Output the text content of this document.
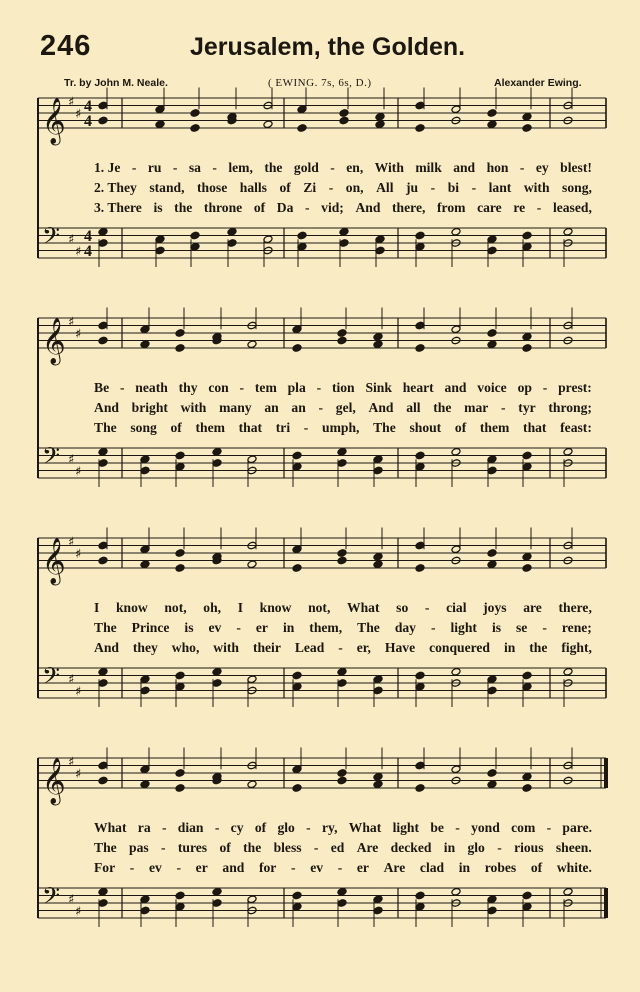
246	Jerusalem, the Golden.
Tr. by John M. Neale.	( EWING. 7s, 6s, D.)	Alexander Ewing.
𝄞 ♯
♯ 4
4
𝄢 ♯
♯
4
4
𝄞 ♯
♯
𝄢 ♯
♯
𝄞 ♯
♯
𝄢 ♯
♯
𝄞 ♯
♯
𝄢 ♯
♯
1. Je - ru - sa - lem, the gold - en, With milk and hon - ey blest!
2. They stand, those halls of Zi - on, All ju - bi - lant with song,
3. There is the throne of Da - vid; And there, from care re - leased,
Be - neath thy con - tem pla - tion Sink heart and voice op - prest:
And bright with many an an - gel, And all the mar - tyr throng;
The song of them that tri - umph, The shout of them that feast:
I know not, oh, I know not, What so - cial joys are there,
The Prince is ev - er in them, The day - light is se - rene;
And they who, with their Lead - er, Have conquered in the fight,
What ra - dian - cy of glo - ry, What light be - yond com - pare.
The pas - tures of the bless - ed Are decked in glo - rious sheen.
For - ev - er and for - ev - er Are clad in robes of white.
